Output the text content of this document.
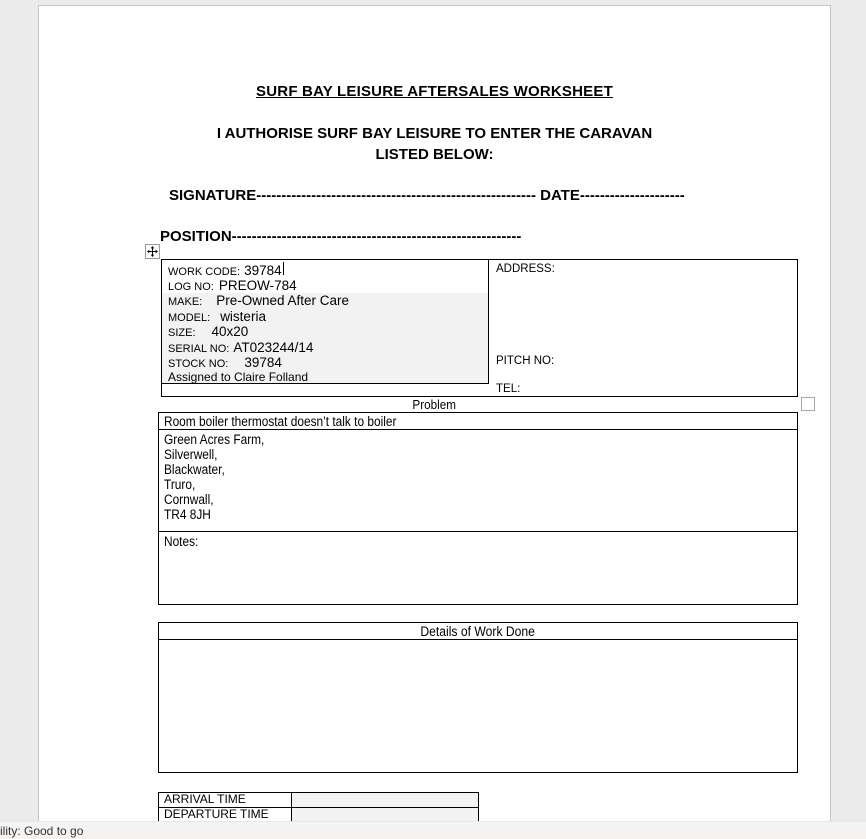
SURF BAY LEISURE AFTERSALES WORKSHEET
I AUTHORISE SURF BAY LEISURE TO ENTER THE CARAVAN
LISTED BELOW:
SIGNATURE-------------------------------------------------------- DATE---------------------
POSITION----------------------------------------------------------
WORK CODE: 39784
LOG NO: PREOW-784
MAKE: Pre-Owned After Care
MODEL: wisteria
SIZE: 40x20
SERIAL NO: AT023244/14
STOCK NO: 39784
Assigned to Claire Folland
ADDRESS:
PITCH NO:
TEL:
Problem
Room boiler thermostat doesn’t talk to boiler
Green Acres Farm,
Silverwell,
Blackwater,
Truro,
Cornwall,
TR4 8JH
Notes:
Details of Work Done
ARRIVAL TIME
DEPARTURE TIME
ility: Good to go
